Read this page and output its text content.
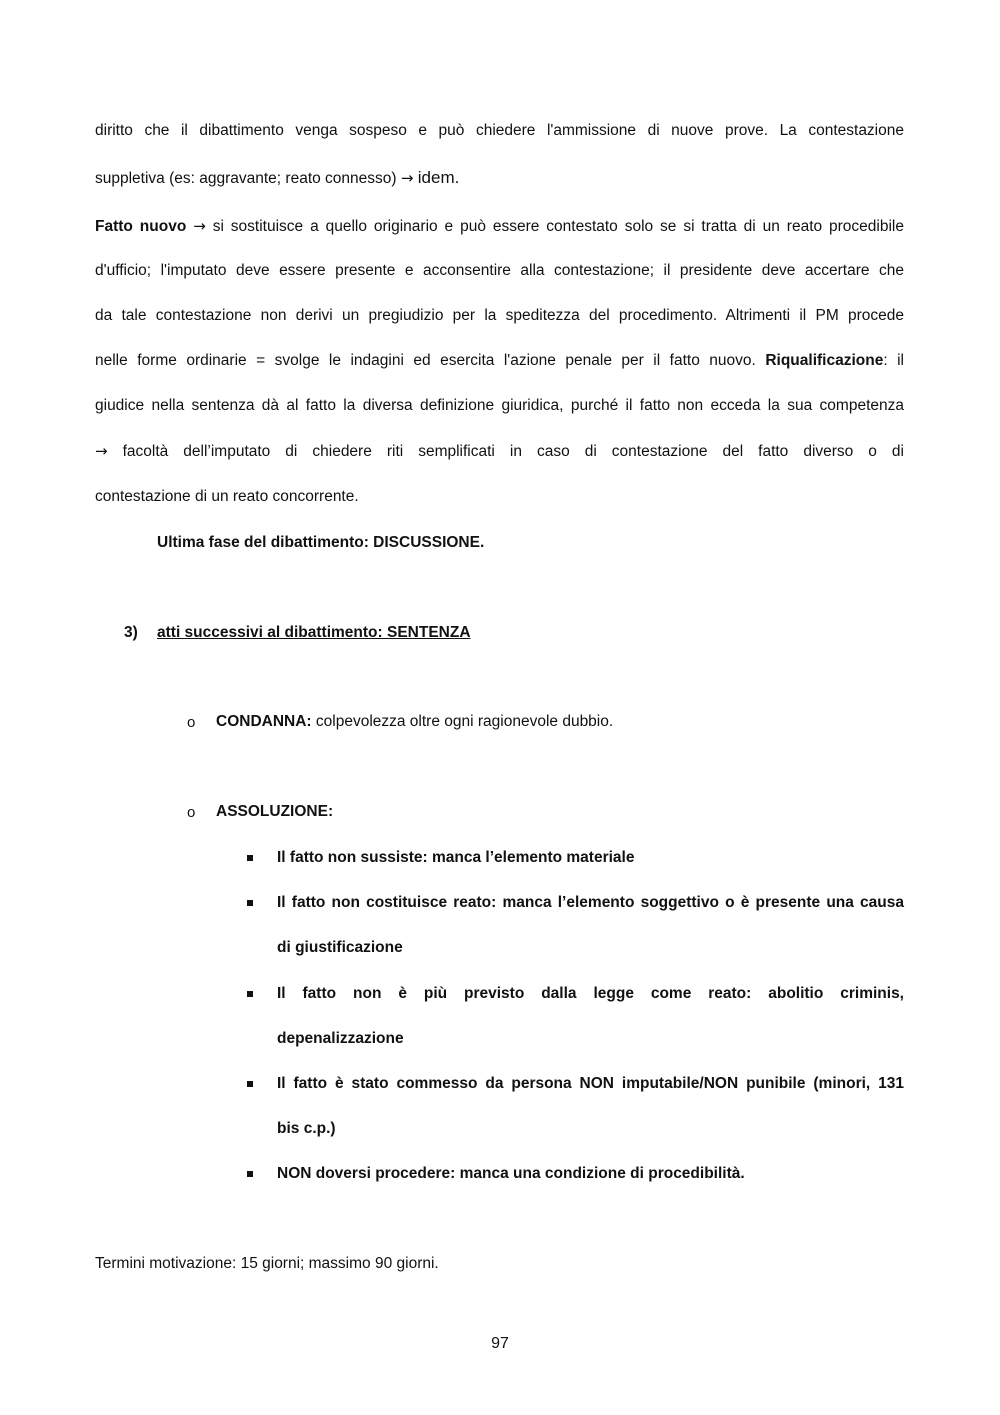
diritto che il dibattimento venga sospeso e può chiedere l'ammissione di nuove prove. La contestazione
suppletiva (es: aggravante; reato connesso) → idem.
Fatto nuovo → si sostituisce a quello originario e può essere contestato solo se si tratta di un reato procedibile
d'ufficio; l'imputato deve essere presente e acconsentire alla contestazione; il presidente deve accertare che
da tale contestazione non derivi un pregiudizio per la speditezza del procedimento. Altrimenti il PM procede
nelle forme ordinarie = svolge le indagini ed esercita l'azione penale per il fatto nuovo. Riqualificazione: il
giudice nella sentenza dà al fatto la diversa definizione giuridica, purché il fatto non ecceda la sua competenza
→ facoltà dell’imputato di chiedere riti semplificati in caso di contestazione del fatto diverso o di
contestazione di un reato concorrente.
Ultima fase del dibattimento: DISCUSSIONE.
3) atti successivi al dibattimento: SENTENZA
o CONDANNA: colpevolezza oltre ogni ragionevole dubbio.
o ASSOLUZIONE:
Il fatto non sussiste: manca l’elemento materiale
Il fatto non costituisce reato: manca l’elemento soggettivo o è presente una causa
di giustificazione
Il fatto non è più previsto dalla legge come reato: abolitio criminis,
depenalizzazione
Il fatto è stato commesso da persona NON imputabile/NON punibile (minori, 131
bis c.p.)
NON doversi procedere: manca una condizione di procedibilità.
Termini motivazione: 15 giorni; massimo 90 giorni.
97
